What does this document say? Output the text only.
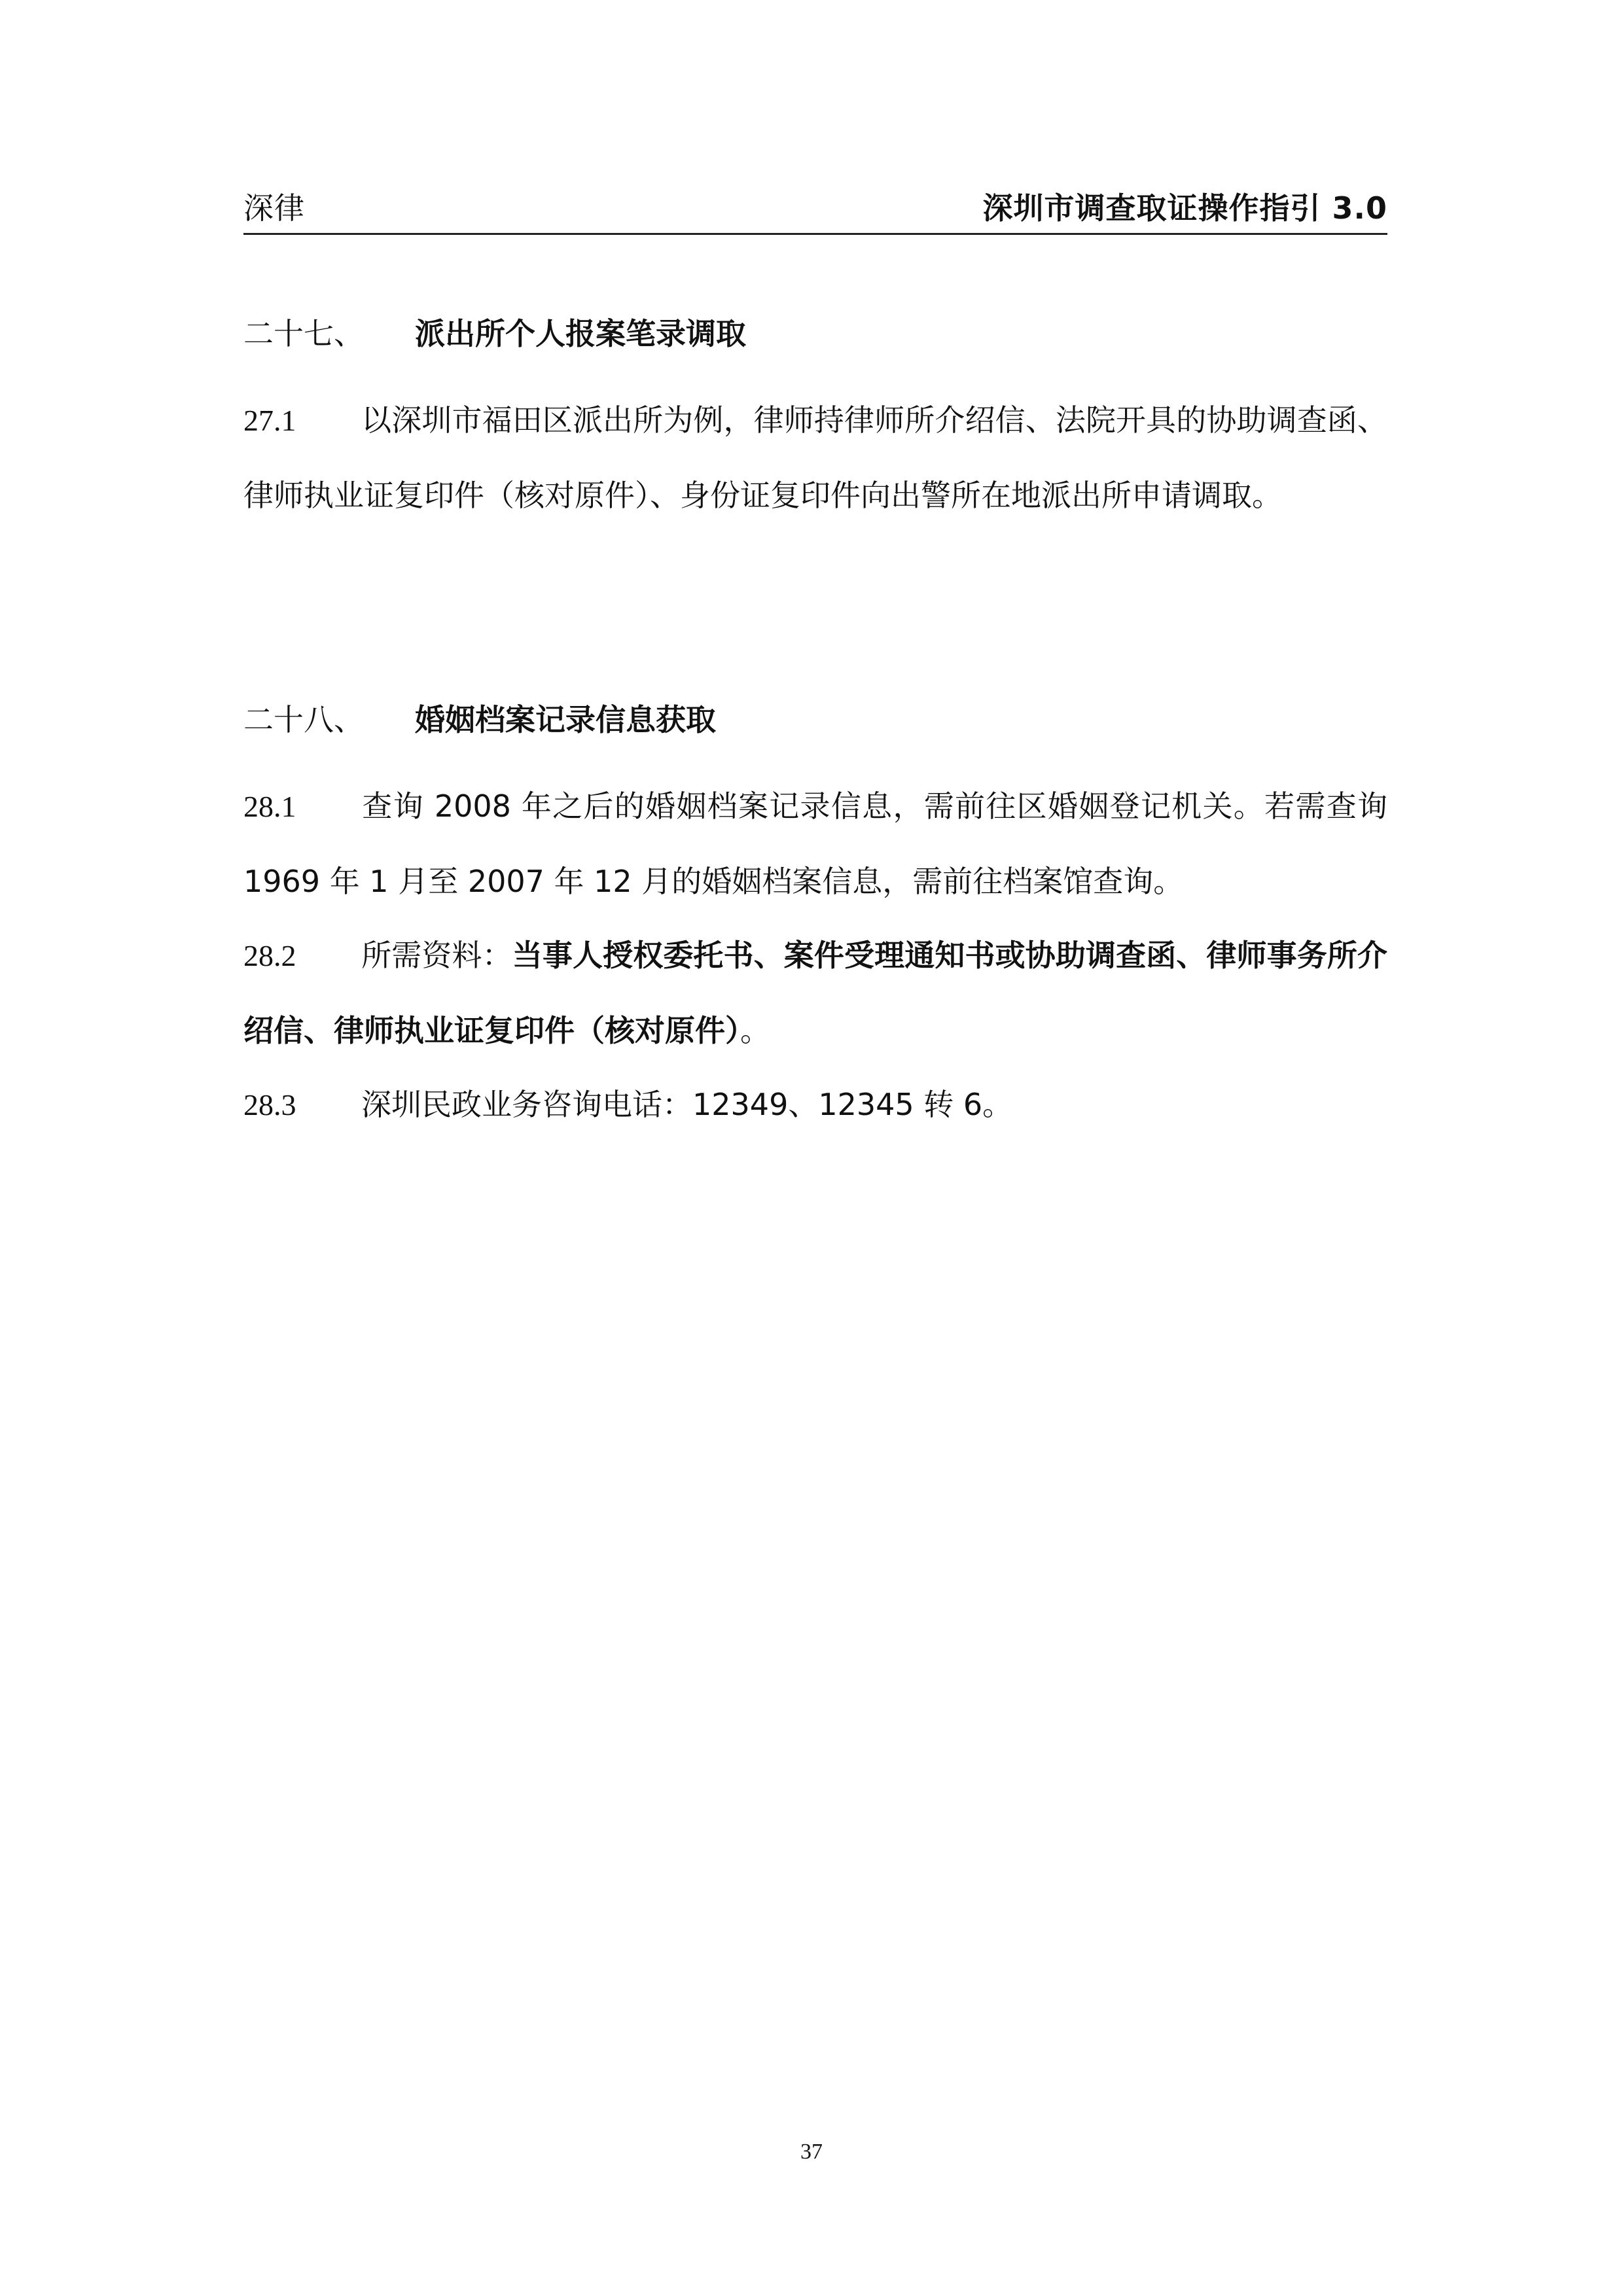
深律	深圳市调查取证操作指引 3.0
二十七、 派出所个人报案笔录调取
27.1 以深圳市福田区派出所为例，律师持律师所介绍信、法院开具的协助调查函、律师执业证复印件（核对原件）、身份证复印件向出警所在地派出所申请调取。
二十八、 婚姻档案记录信息获取
28.1 查询 2008 年之后的婚姻档案记录信息，需前往区婚姻登记机关。若需查询 1969 年 1 月至 2007 年 12 月的婚姻档案信息，需前往档案馆查询。
28.2 所需资料：当事人授权委托书、案件受理通知书或协助调查函、律师事务所介绍信、律师执业证复印件（核对原件）。
28.3 深圳民政业务咨询电话：12349、12345 转 6。
37
